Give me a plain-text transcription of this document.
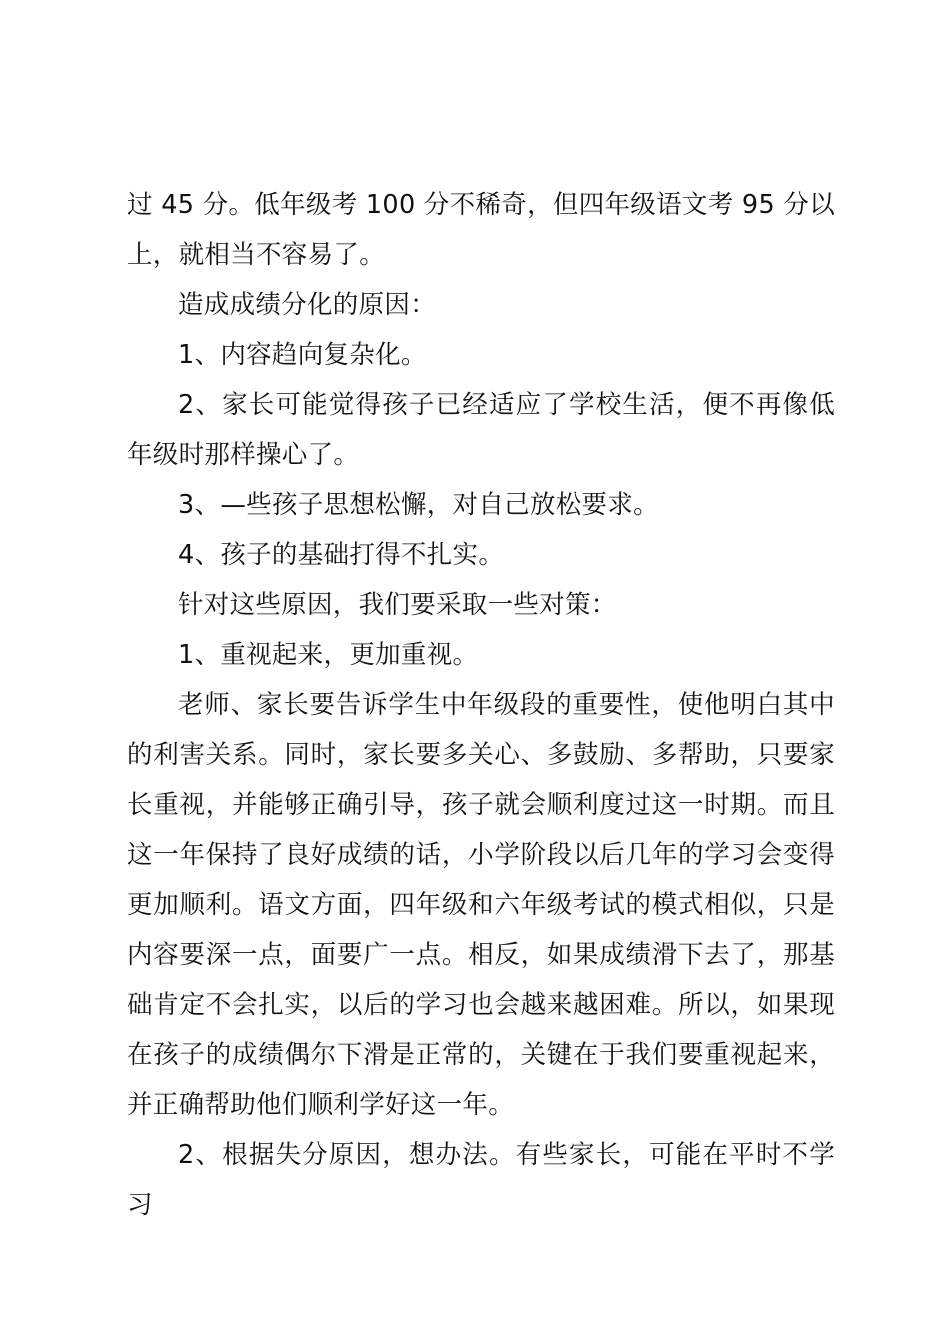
过 45 分。低年级考 100 分不稀奇，但四年级语文考 95 分以上，就相当不容易了。

造成成绩分化的原因：

1、内容趋向复杂化。

2、家长可能觉得孩子已经适应了学校生活，便不再像低年级时那样操心了。

3、—些孩子思想松懈，对自己放松要求。

4、孩子的基础打得不扎实。

针对这些原因，我们要采取一些对策：

1、重视起来，更加重视。

老师、家长要告诉学生中年级段的重要性，使他明白其中的利害关系。同时，家长要多关心、多鼓励、多帮助，只要家长重视，并能够正确引导，孩子就会顺利度过这一时期。而且这一年保持了良好成绩的话，小学阶段以后几年的学习会变得更加顺利。语文方面，四年级和六年级考试的模式相似，只是内容要深一点，面要广一点。相反，如果成绩滑下去了，那基础肯定不会扎实，以后的学习也会越来越困难。所以，如果现在孩子的成绩偶尔下滑是正常的，关键在于我们要重视起来，并正确帮助他们顺利学好这一年。

2、根据失分原因，想办法。有些家长，可能在平时不学习
